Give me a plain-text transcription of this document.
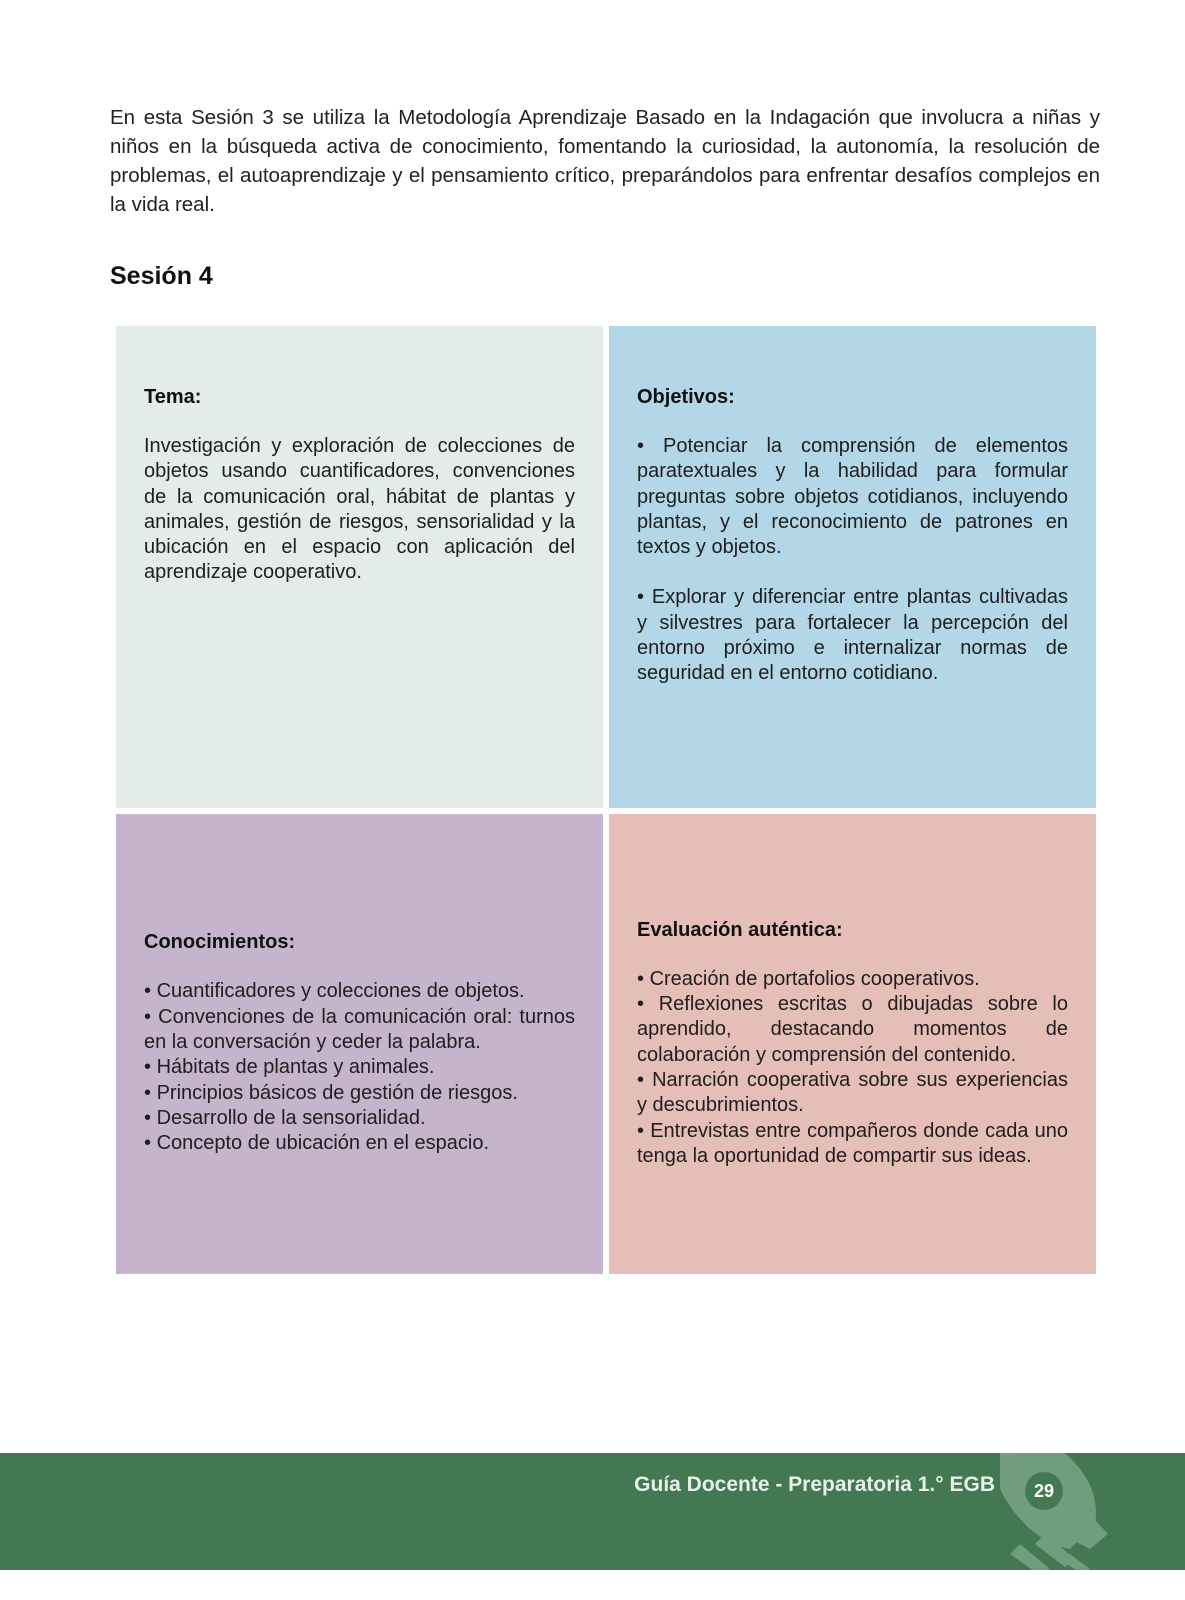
En esta Sesión 3 se utiliza la Metodología Aprendizaje Basado en la Indagación que involucra a niñas y niños en la búsqueda activa de conocimiento, fomentando la curiosidad, la autonomía, la resolución de problemas, el autoaprendizaje y el pensamiento crítico, preparándolos para enfrentar desafíos complejos en la vida real.

Sesión 4
Tema:

Investigación y exploración de colecciones de objetos usando cuantificadores, convenciones de la comunicación oral, hábitat de plantas y animales, gestión de riesgos, sensorialidad y la ubicación en el espacio con aplicación del aprendizaje cooperativo.

Objetivos:

• Potenciar la comprensión de elementos paratextuales y la habilidad para formular preguntas sobre objetos cotidianos, incluyendo plantas, y el reconocimiento de patrones en textos y objetos.

• Explorar y diferenciar entre plantas cultivadas y silvestres para fortalecer la percepción del entorno próximo e internalizar normas de seguridad en el entorno cotidiano.

Conocimientos:
• Cuantificadores y colecciones de objetos.
• Convenciones de la comunicación oral: turnos en la conversación y ceder la palabra.
• Hábitats de plantas y animales.
• Principios básicos de gestión de riesgos.
• Desarrollo de la sensorialidad.
• Concepto de ubicación en el espacio.
Evaluación auténtica:
• Creación de portafolios cooperativos.
• Reflexiones escritas o dibujadas sobre lo aprendido, destacando momentos de colaboración y comprensión del contenido.
• Narración cooperativa sobre sus experiencias y descubrimientos.
• Entrevistas entre compañeros donde cada uno tenga la oportunidad de compartir sus ideas.
Guía Docente - Preparatoria 1.° EGB	29
